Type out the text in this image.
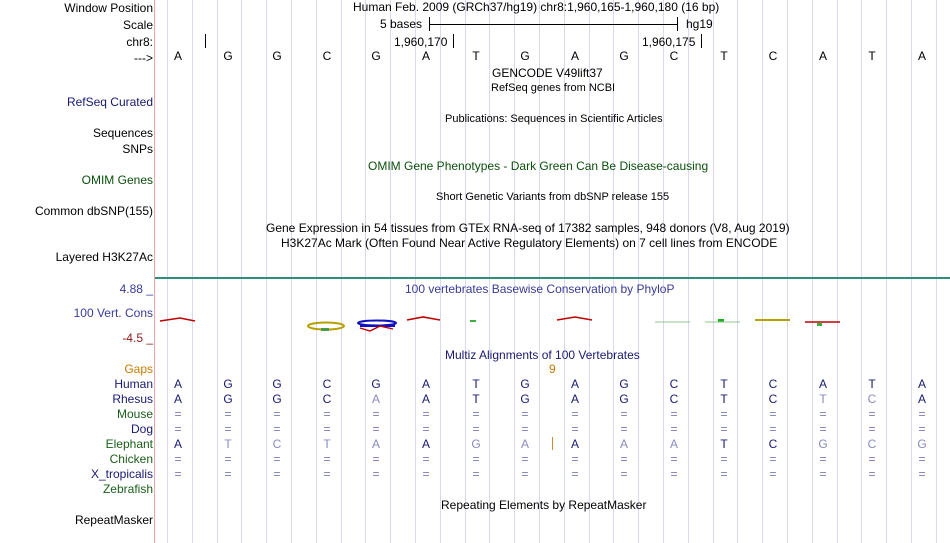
Window Position	Human Feb. 2009 (GRCh37/hg19) chr8:1,960,165-1,960,180 (16 bp)
Scale	5 bases	hg19
chr8:	1,960,170	1,960,175
--->	A	G	G	C	G	A	T	G	A	G	C	T	C	A	T	A
GENCODE V49lift37
RefSeq genes from NCBI
RefSeq Curated
Publications: Sequences in Scientific Articles
Sequences
SNPs
OMIM Gene Phenotypes - Dark Green Can Be Disease-causing
OMIM Genes
Short Genetic Variants from dbSNP release 155
Common dbSNP(155)
Gene Expression in 54 tissues from GTEx RNA-seq of 17382 samples, 948 donors (V8, Aug 2019)
H3K27Ac Mark (Often Found Near Active Regulatory Elements) on 7 cell lines from ENCODE
Layered H3K27Ac
4.88 _	100 vertebrates Basewise Conservation by PhyloP
100 Vert. Cons
-4.5 _
Multiz Alignments of 100 Vertebrates
Gaps	9
Human	A	G	G	C	G	A	T	G	A	G	C	T	C	A	T	A
Rhesus	A	G	G	C	A	A	T	G	A	G	C	T	C	T	C	A
Mouse	=	=	=	=	=	=	=	=	=	=	=	=	=	=	=	=
Dog	=	=	=	=	=	=	=	=	=	=	=	=	=	=	=	=
Elephant	A	T	C	T	A	A	G	A	A	A	A	T	C	G	C	G
Chicken	=	=	=	=	=	=	=	=	=	=	=	=	=	=	=	=
X_tropicalis	=	=	=	=	=	=	=	=	=	=	=	=	=	=	=	=
Zebrafish
Repeating Elements by RepeatMasker
RepeatMasker
